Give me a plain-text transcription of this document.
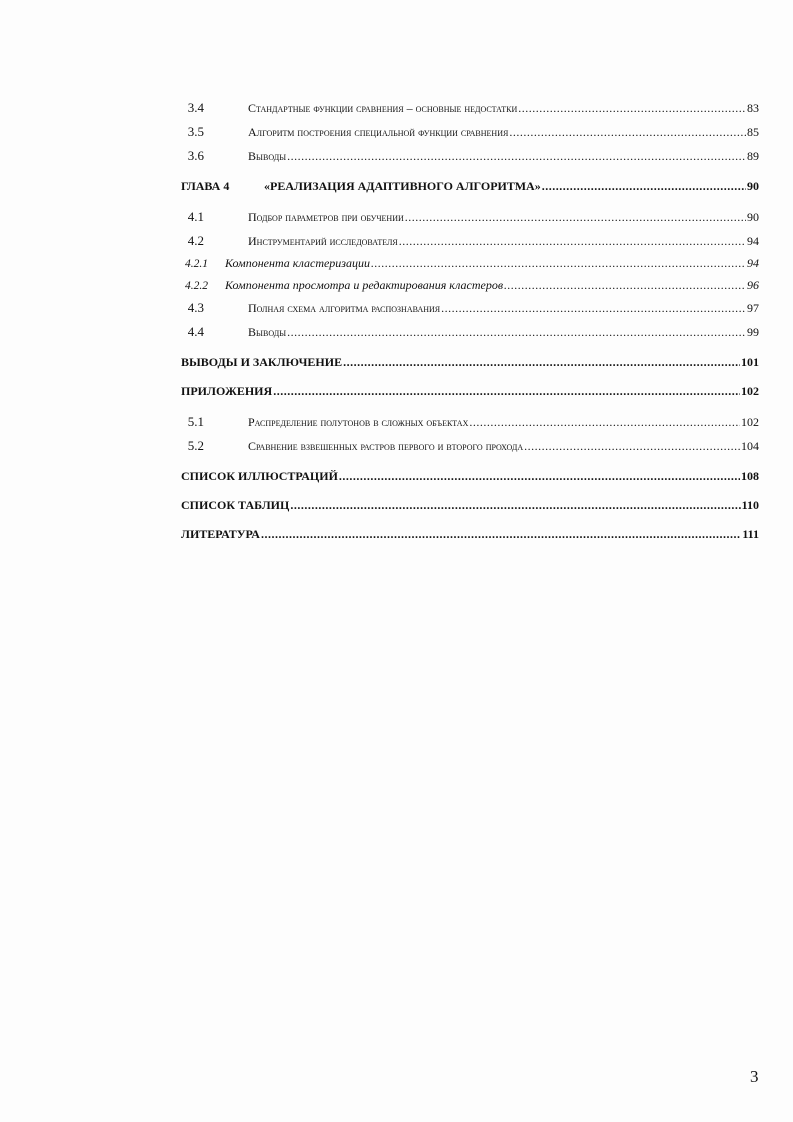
3.4	Стандартные функции сравнения – основные недостатки .....	83
3.5	Алгоритм построения специальной функции сравнения .....	85
3.6	Выводы .....	89
ГЛАВА 4	«РЕАЛИЗАЦИЯ АДАПТИВНОГО АЛГОРИТМА» .....	90
4.1	Подбор параметров при обучении .....	90
4.2	Инструментарий исследователя .....	94
4.2.1	Компонента кластеризации .....	94
4.2.2	Компонента просмотра и редактирования кластеров .....	96
4.3	Полная схема алгоритма распознавания .....	97
4.4	Выводы .....	99
ВЫВОДЫ И ЗАКЛЮЧЕНИЕ .....	101
ПРИЛОЖЕНИЯ .....	102
5.1	Распределение полутонов в сложных объектах .....	102
5.2	Сравнение взвешенных растров первого и второго прохода .....	104
СПИСОК ИЛЛЮСТРАЦИЙ .....	108
СПИСОК ТАБЛИЦ .....	110
ЛИТЕРАТУРА .....	111
3
